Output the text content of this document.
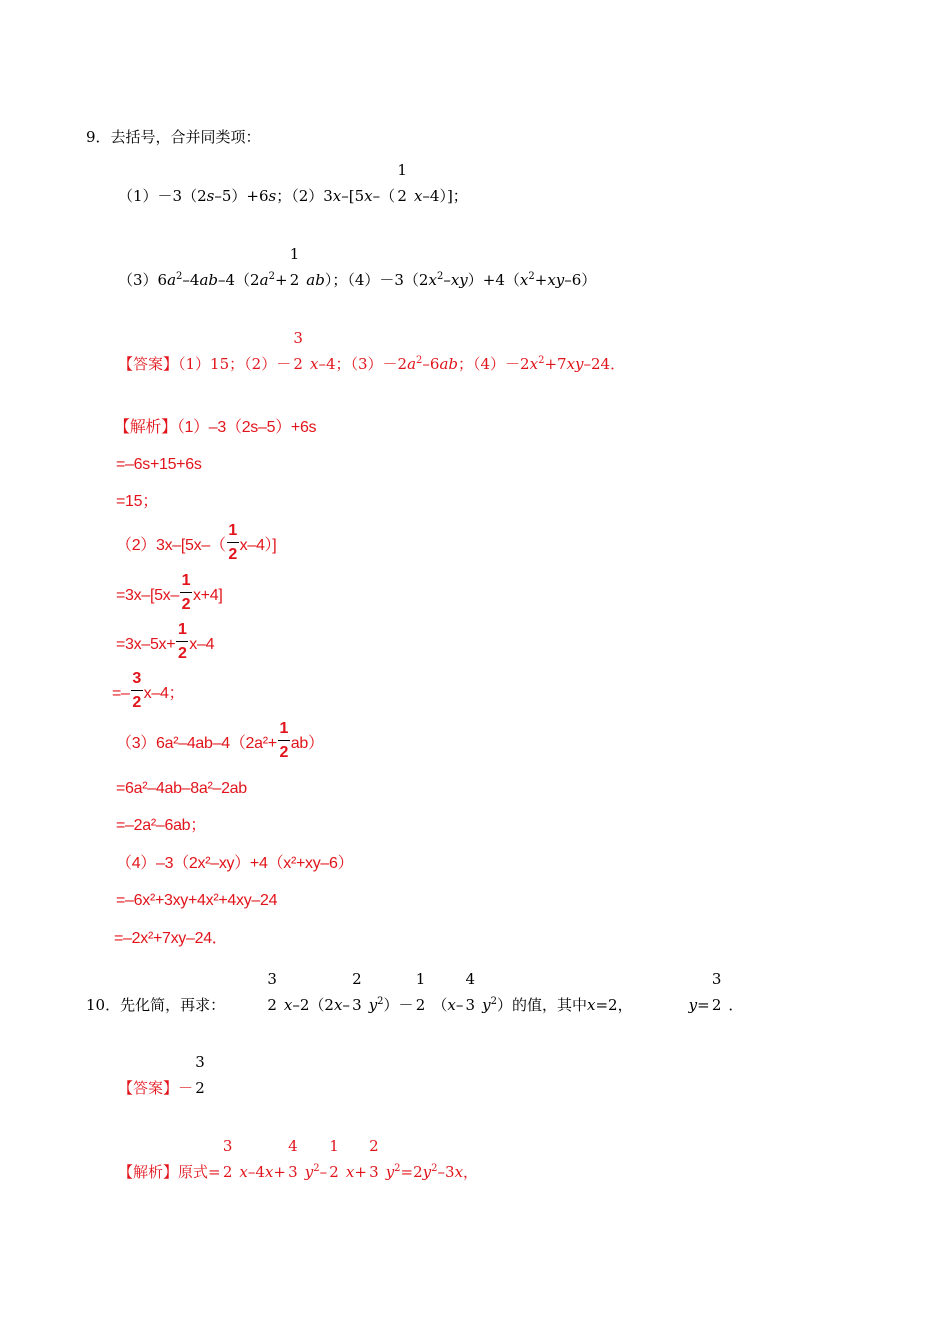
9．去括号，合并同类项：
（1）－3（2s–5）+6s；（2）3x–[5x–（
1
2 x–4）]；
$(3)6a^2-4ab-4(2a^2+$
1
2 ab）；$(4)-3(2x^2-xy)+4(x^2+xy-6)$
【答案】（1）15；（2）－
3
2 x–4；$(3)-2a^2-6ab$；$(4)-2x^2+7xy-24$．
【解析】（1）–3（2s–5）+6s
=–6s+15+6s
=15；
$(2)3x-[5x-( \frac{1}{2} x-4)]$
$=3x-[5x- \frac{1}{2} x+4]$
$=3x-5x+ \frac{1}{2} x-4$
=– $\frac{3}{2} x-4$；
$(3)6a^2-4ab-4(2a^2+ \frac{1}{2} ab)$
=6a²–4ab–8a²–2ab
=–2a²–6ab；
（4）–3（2x²–xy）+4（x²+xy–6）
=–6x²+3xy+4x²+4xy–24
=–2x²+7xy–24．
10．先化简，再求：
3
2 x–2（2x–
2
3 $y^2)-$
1
2 （x–
4
3 $y^2$）的值，其中x=2，	y=
3
2 ．
【答案】－
3
2
【解析】原式=
3
2 x–4x+
4
3 $y^2-$
1
2 x+
2
3 $y^2=2y^2-3x$，
